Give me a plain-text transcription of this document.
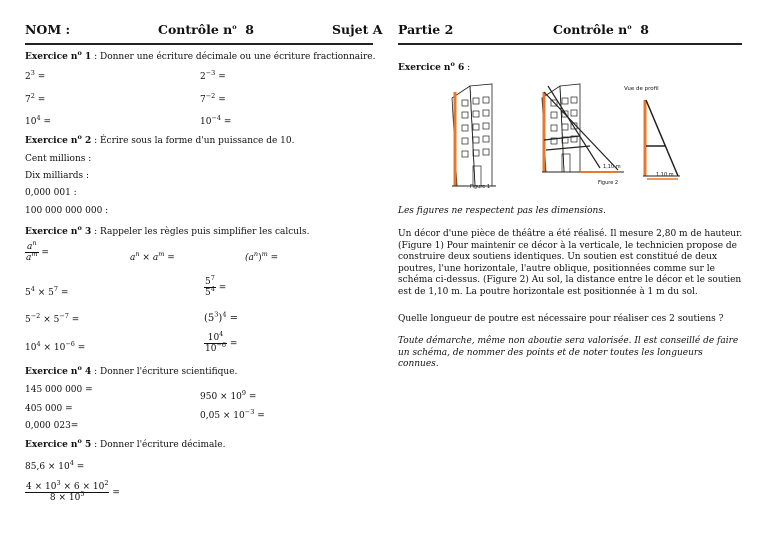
NOM :	Contrôle $n^o$ 8	Sujet A Partie 2	Contrôle $n^o$ 8
Exercice $n^o$ 1 : Donner une écriture décimale ou une écriture fractionnaire.
$2^3$ =	$2^{-3}$ =
$7^2$ =	$7^{-2}$ =
$10^4$ =	$10^{-4}$ =
Exercice $n^o$ 2 : Écrire sous la forme d'un puissance de 10.
Cent millions :
Dix milliards :
0,000 001 :
100 000 000 000 :
Exercice $n^o$ 3 : Rappeler les règles puis simplifier les calculs.
$\frac{a^n}{a^m}$ =	$a^n \times a^m$ =	$(a^n)^m$ =
$5^4 \times 5^7$ =	$\frac{5^7}{5^4}$ =
$5^{-2} \times 5^{-7}$ =	$(5^3)^4$ =
$10^4 \times 10^{-6}$ =	$\frac{10^4}{10^{-6}}$ =
Exercice $n^o$ 4 : Donner l'écriture scientifique.
145 000 000 =
$950 \times 10^9$ =
405 000 =
$0,05 \times 10^{-3}$ =
0,000 023=
Exercice $n^o$ 5 : Donner l'écriture décimale.
$85,6 \times 10^4$ =
$\frac{4 \times 10^3 \times 6 \times 10^2}{8 \times 10^5}$ =
Exercice $n^o$ 6 :
Vue de profil
Figure 1
Figure 2
1,10 m
1,10 m
Les figures ne respectent pas les dimensions.
Un décor d'une pièce de théâtre a été réalisé. Il mesure 2,80 m de hauteur. (Figure 1) Pour maintenir ce décor à la verticale, le technicien propose de construire deux soutiens identiques. Un soutien est constitué de deux poutres, l'une horizontale, l'autre oblique, positionnées comme sur le schéma ci-dessus. (Figure 2) Au sol, la distance entre le décor et le soutien est de 1,10 m. La poutre horizontale est positionnée à 1 m du sol.
Quelle longueur de poutre est nécessaire pour réaliser ces 2 soutiens ?
Toute démarche, même non aboutie sera valorisée. Il est conseillé de faire un schéma, de nommer des points et de noter toutes les longueurs connues.
